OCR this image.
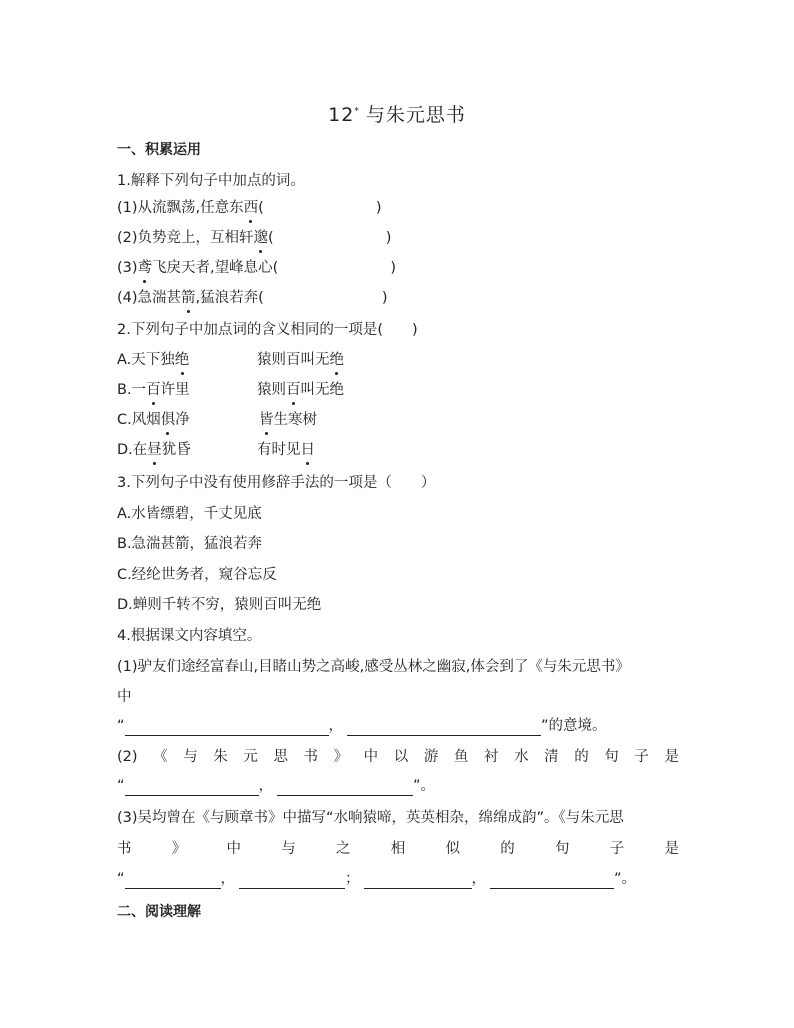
12* 与朱元思书
一、积累运用
1.解释下列句子中加点的词。
(1)从流飘荡,任意东西(	)
(2)负势竞上，互相轩邈(	)
(3)鸢飞戾天者,望峰息心(	)
(4)急湍甚箭,猛浪若奔(	)
2.下列句子中加点词的含义相同的一项是(　　)
A.天下独绝	猿则百叫无绝
B.一百许里	猿则百叫无绝
C.风烟俱净	皆生寒树
D.在昼犹昏	有时见日
3.下列句子中没有使用修辞手法的一项是（　　）
A.水皆缥碧，千丈见底
B.急湍甚箭，猛浪若奔
C.经纶世务者，窥谷忘反
D.蝉则千转不穷，猿则百叫无绝
4.根据课文内容填空。
(1)驴友们途经富春山,目睹山势之高峻,感受丛林之幽寂,体会到了《与朱元思书》
中
“	，	”的意境。
(2) 《 与 朱 元 思 书 》 中 以 游 鱼 衬 水 清 的 句 子 是
“	，	”。
(3)吴均曾在《与顾章书》中描写“水响猿啼，英英相杂，绵绵成韵”。《与朱元思
书	》	中	与	之	相	似	的	句	子	是
“	，	；	，	”。
二、阅读理解
